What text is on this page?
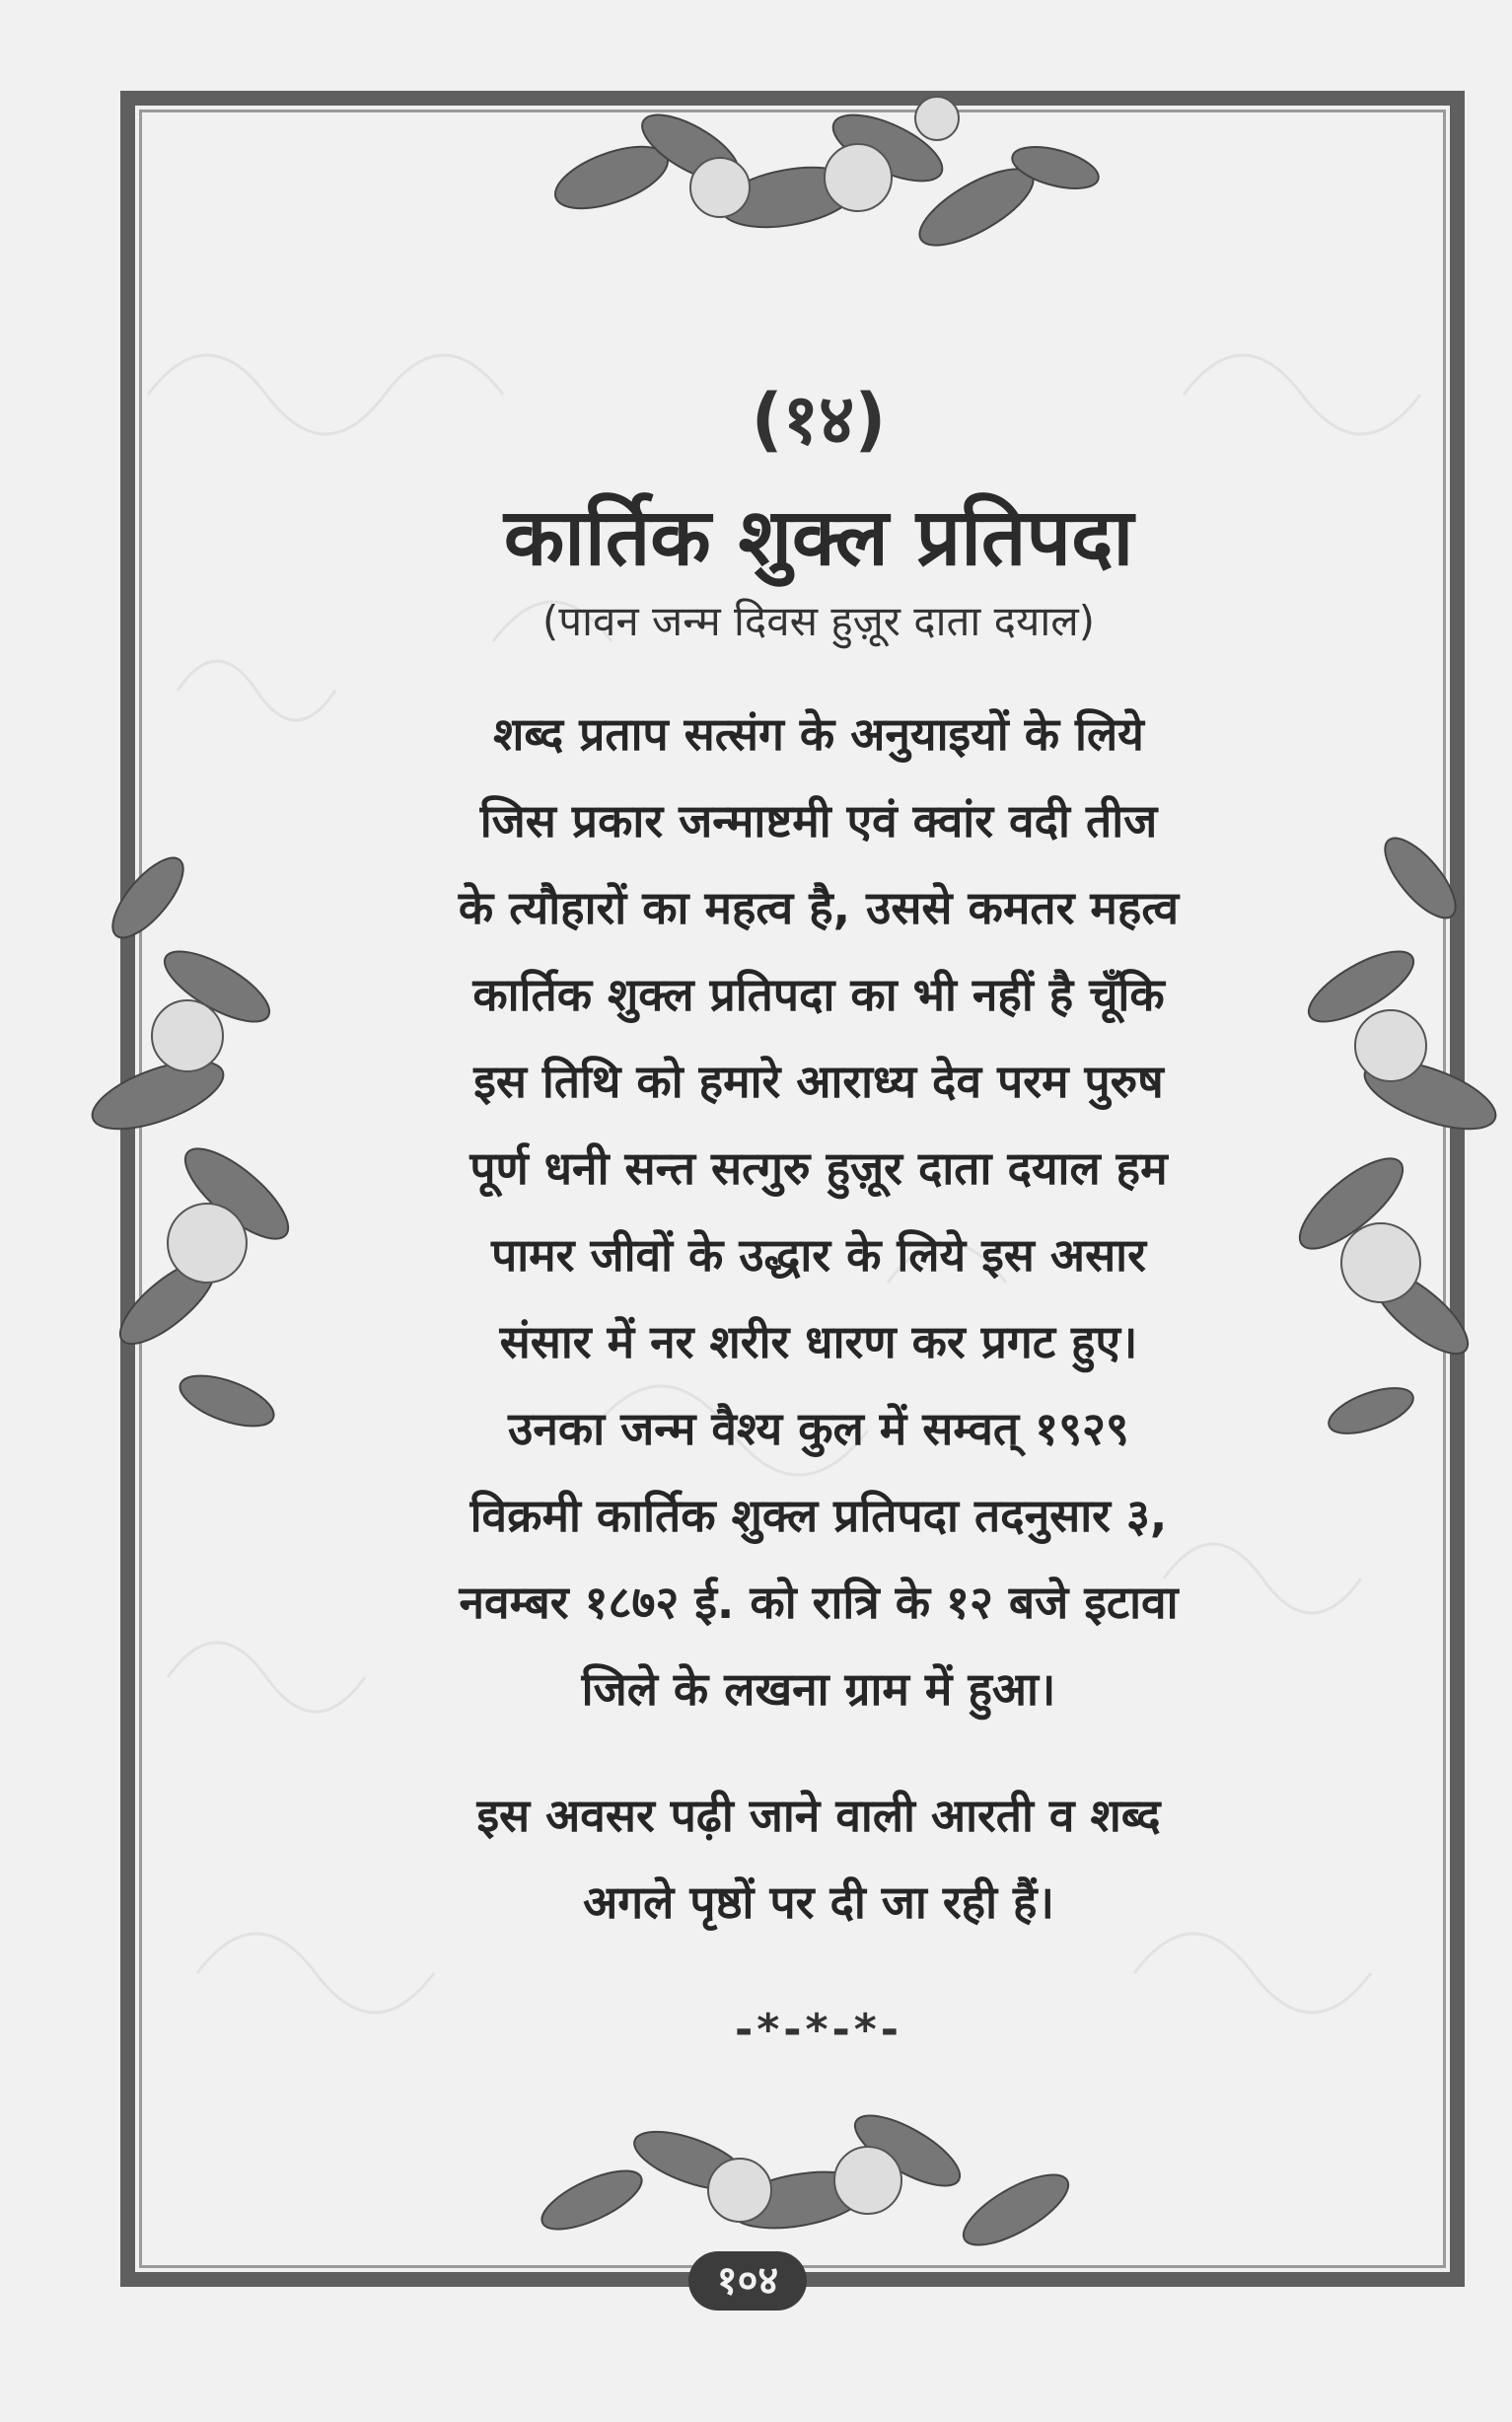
(१४)

कार्तिक शुक्ल प्रतिपदा

(पावन जन्म दिवस हुज़ूर दाता दयाल)

शब्द प्रताप सत्संग के अनुयाइयों के लिये
जिस प्रकार जन्माष्टमी एवं क्वांर वदी तीज
के त्यौहारों का महत्व है, उससे कमतर महत्व
कार्तिक शुक्ल प्रतिपदा का भी नहीं है चूँकि
इस तिथि को हमारे आराध्य देव परम पुरुष
पूर्ण धनी सन्त सत्गुरु हुज़ूर दाता दयाल हम
पामर जीवों के उद्धार के लिये इस असार
संसार में नर शरीर धारण कर प्रगट हुए।
उनका जन्म वैश्य कुल में सम्वत् १९२९
विक्रमी कार्तिक शुक्ल प्रतिपदा तदनुसार ३,
नवम्बर १८७२ ई. को रात्रि के १२ बजे इटावा
जिले के लखना ग्राम में हुआ।
इस अवसर पढ़ी जाने वाली आरती व शब्द
अगले पृष्ठों पर दी जा रही हैं।
-*-*-*-
१०४
